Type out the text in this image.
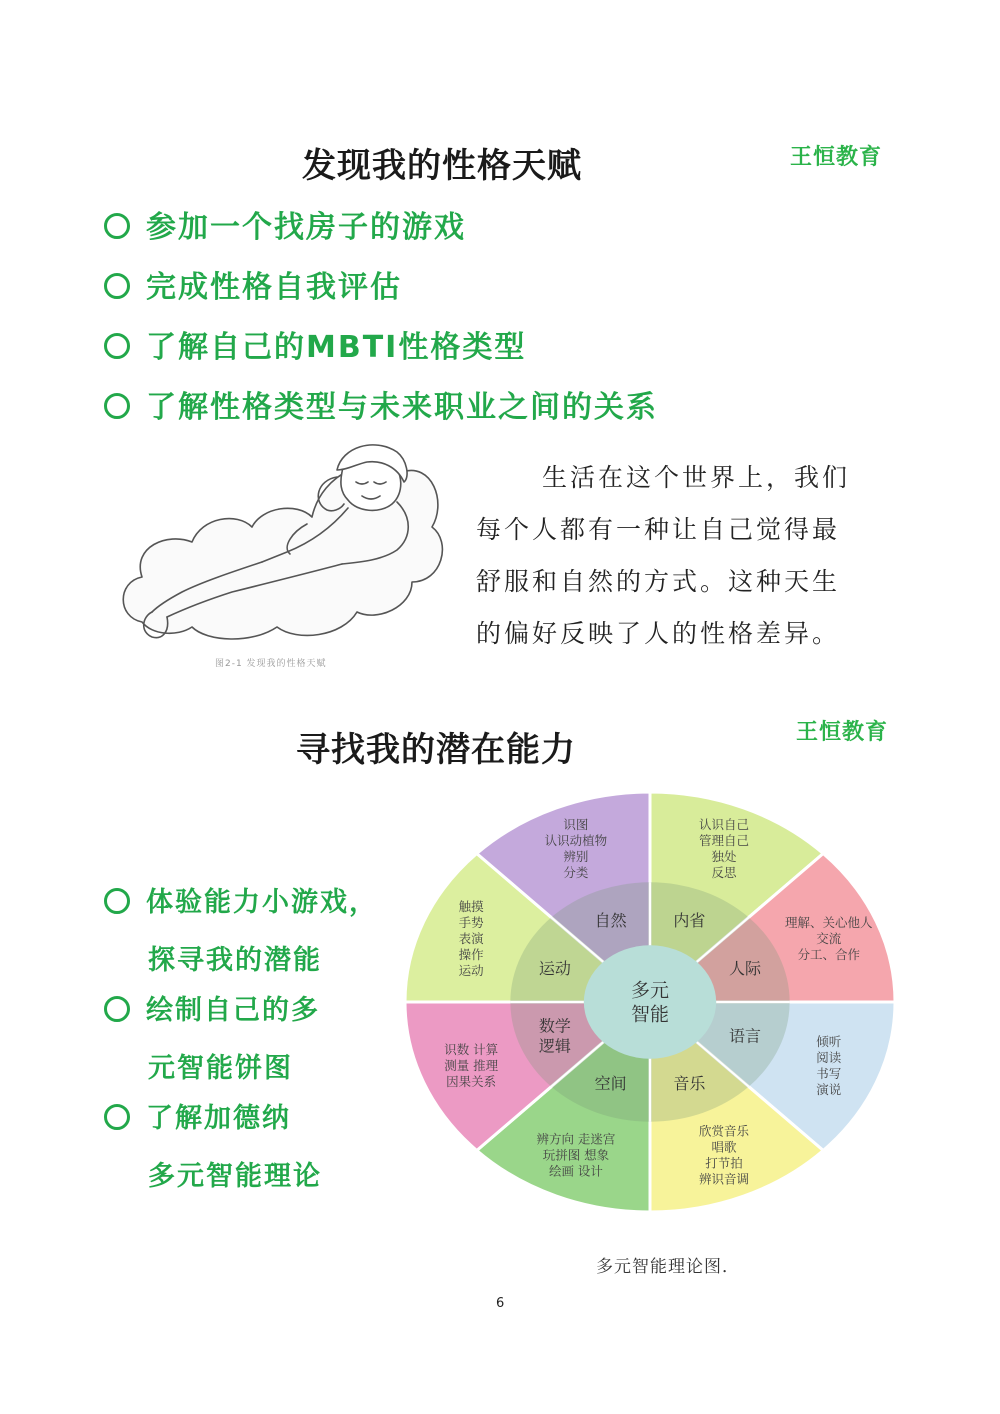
发现我的性格天赋	王恒教育
参加一个找房子的游戏
完成性格自我评估
了解自己的MBTI性格类型
了解性格类型与未来职业之间的关系
图2-1 发现我的性格天赋
生活在这个世界上，我们
每个人都有一种让自己觉得最
舒服和自然的方式。这种天生
的偏好反映了人的性格差异。
寻找我的潜在能力	王恒教育
体验能力小游戏，
探寻我的潜能
绘制自己的多
元智能饼图
了解加德纳
多元智能理论
多元智能
内省
认识自己管理自己独处反思
人际
理解、关心他人交流分工、合作
语言	倾听阅读书写演说
音乐
欣赏音乐唱歌打节拍辨识音调
空间
辨方向 走迷宫玩拼图 想象绘画 设计
数学逻辑
识数 计算测量 推理因果关系
运动
触摸手势表演操作运动
自然
识图认识动植物辨别分类
多元智能理论图．
6
